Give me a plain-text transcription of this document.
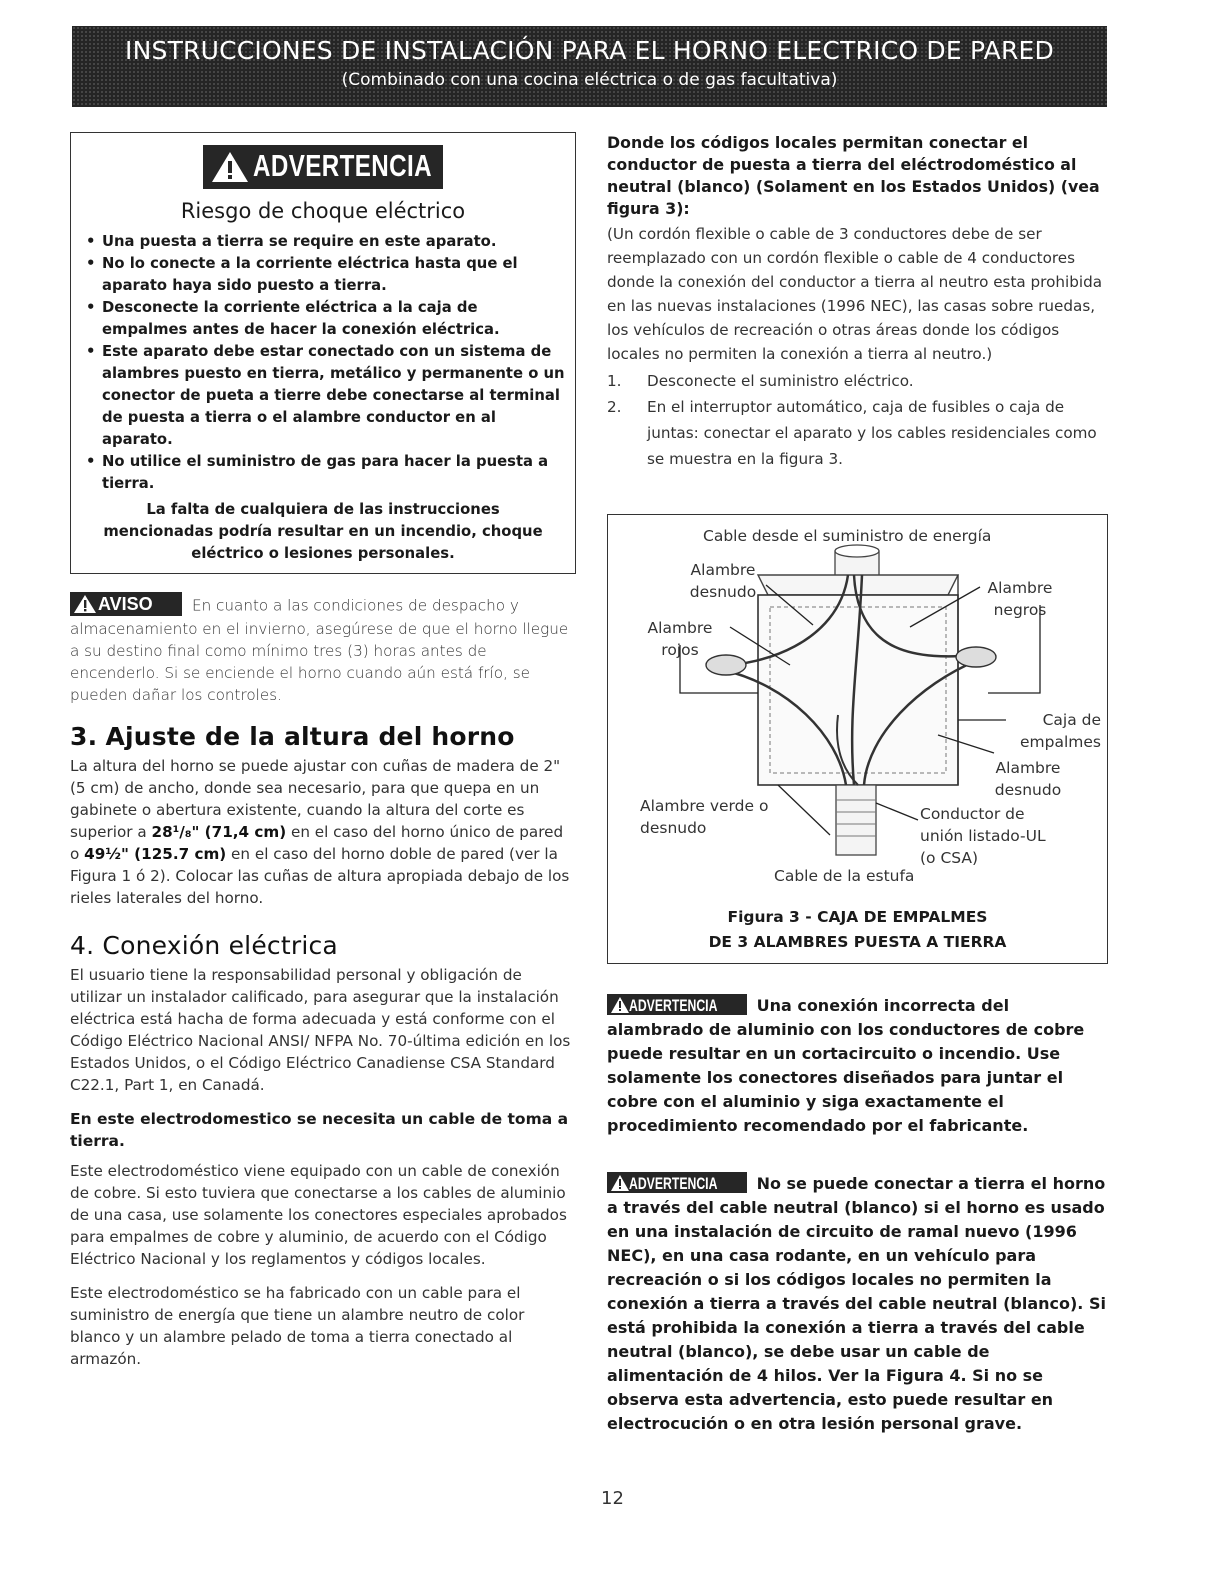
INSTRUCCIONES DE INSTALACIÓN PARA EL HORNO ELECTRICO DE PARED
(Combinado con una cocina eléctrica o de gas facultativa)
ADVERTENCIA
Riesgo de choque eléctrico
• Una puesta a tierra se require en este aparato.
• No lo conecte a la corriente eléctrica hasta que el aparato haya sido puesto a tierra.
• Desconecte la corriente eléctrica a la caja de empalmes antes de hacer la conexión eléctrica.
• Este aparato debe estar conectado con un sistema de alambres puesto en tierra, metálico y permanente o un conector de pueta a tierre debe conectarse al terminal de puesta a tierra o el alambre conductor en al aparato.
• No utilice el suministro de gas para hacer la puesta a tierra.
La falta de cualquiera de las instrucciones mencionadas podría resultar en un incendio, choque eléctrico o lesiones personales.

AVISO	En cuanto a las condiciones de despacho y almacenamiento en el invierno, asegúrese de que el horno llegue a su destino final como mínimo tres (3) horas antes de encenderlo. Si se enciende el horno cuando aún está frío, se pueden dañar los controles.

3. Ajuste de la altura del horno

La altura del horno se puede ajustar con cuñas de madera de 2" (5 cm) de ancho, donde sea necesario, para que quepa en un gabinete o abertura existente, cuando la altura del corte es superior a 28¹/₈" (71,4 cm) en el caso del horno único de pared o 49½" (125.7 cm) en el caso del horno doble de pared (ver la Figura 1 ó 2). Colocar las cuñas de altura apropiada debajo de los rieles laterales del horno.

4. Conexión eléctrica

El usuario tiene la responsabilidad personal y obligación de utilizar un instalador calificado, para asegurar que la instalación eléctrica está hacha de forma adecuada y está conforme con el Código Eléctrico Nacional ANSI/ NFPA No. 70-última edición en los Estados Unidos, o el Código Eléctrico Canadiense CSA Standard C22.1, Part 1, en Canadá.

En este electrodomestico se necesita un cable de toma a tierra.

Este electrodoméstico viene equipado con un cable de conexión de cobre. Si esto tuviera que conectarse a los cables de aluminio de una casa, use solamente los conectores especiales aprobados para empalmes de cobre y aluminio, de acuerdo con el Código Eléctrico Nacional y los reglamentos y códigos locales.

Este electrodoméstico se ha fabricado con un cable para el suministro de energía que tiene un alambre neutro de color blanco y un alambre pelado de toma a tierra conectado al armazón.

Donde los códigos locales permitan conectar el conductor de puesta a tierra del eléctrodoméstico al neutral (blanco) (Solament en los Estados Unidos) (vea figura 3):

(Un cordón flexible o cable de 3 conductores debe de ser reemplazado con un cordón flexible o cable de 4 conductores donde la conexión del conductor a tierra al neutro esta prohibida en las nuevas instalaciones (1996 NEC), las casas sobre ruedas, los vehículos de recreación o otras áreas donde los códigos locales no permiten la conexión a tierra al neutro.)

1. Desconecte el suministro eléctrico.
2. En el interruptor automático, caja de fusibles o caja de juntas: conectar el aparato y los cables residenciales como se muestra en la figura 3.
Cable desde el suministro de energía
Alambre desnudo
Alambre rojos
Alambre negros
Caja de empalmes
Alambre desnudo
Alambre verde o desnudo
Conductor de unión listado-UL (o CSA)
Cable de la estufa
Figura 3 - CAJA DE EMPALMES
DE 3 ALAMBRES PUESTA A TIERRA

ADVERTENCIA Una conexión incorrecta del alambrado de aluminio con los conductores de cobre puede resultar en un cortacircuito o incendio. Use solamente los conectores diseñados para juntar el cobre con el aluminio y siga exactamente el procedimiento recomendado por el fabricante.

ADVERTENCIA No se puede conectar a tierra el horno a través del cable neutral (blanco) si el horno es usado en una instalación de circuito de ramal nuevo (1996 NEC), en una casa rodante, en un vehículo para recreación o si los códigos locales no permiten la conexión a tierra a través del cable neutral (blanco). Si está prohibida la conexión a tierra a través del cable neutral (blanco), se debe usar un cable de alimentación de 4 hilos. Ver la Figura 4. Si no se observa esta advertencia, esto puede resultar en electrocución o en otra lesión personal grave.

12
